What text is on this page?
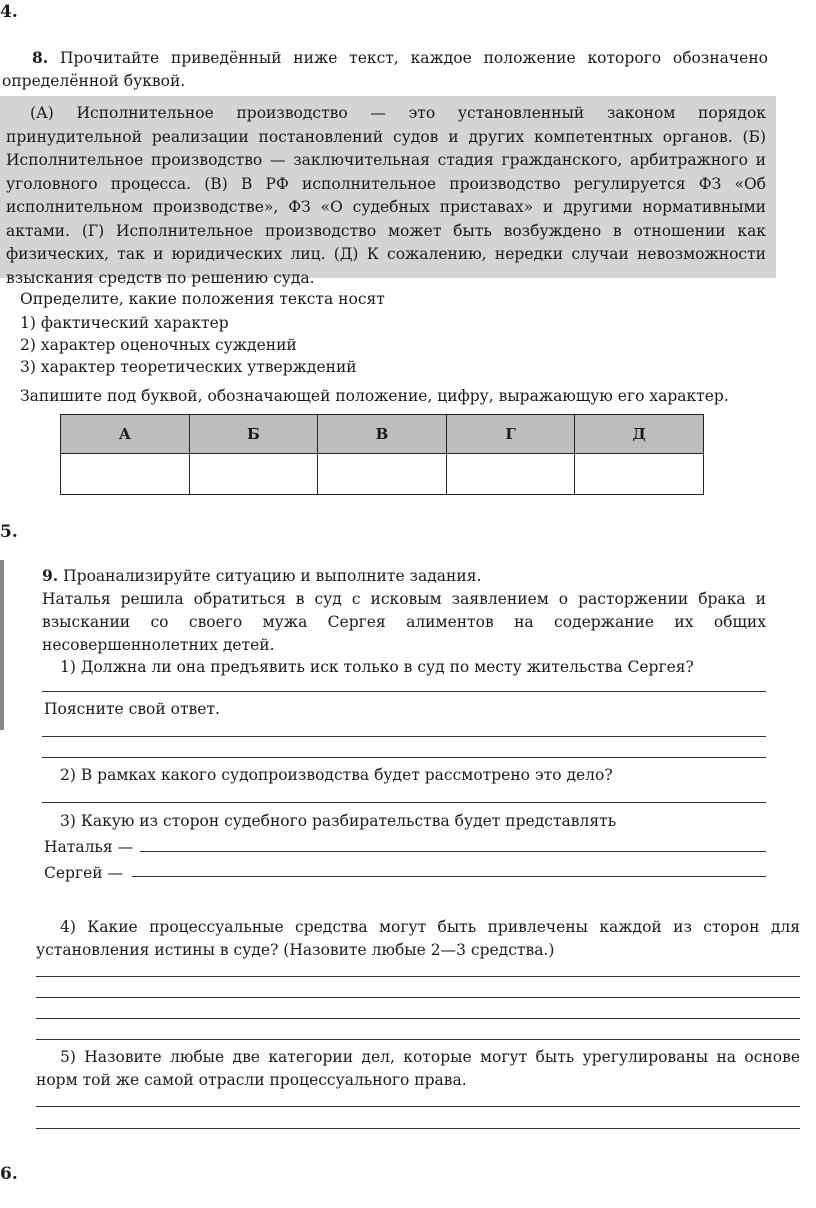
4.
8. Прочитайте приведённый ниже текст, каждое положение которого обозначено определённой буквой.
(А) Исполнительное производство — это установленный законом порядок принудительной реализации постановлений судов и других компетентных органов. (Б) Исполнительное производство — заключительная стадия гражданского, арбитражного и уголовного процесса. (В) В РФ исполнительное производство регулируется ФЗ «Об исполнительном производстве», ФЗ «О судебных приставах» и другими нормативными актами. (Г) Исполнительное производство может быть возбуждено в отношении как физических, так и юридических лиц. (Д) К сожалению, нередки случаи невозможности взыскания средств по решению суда.
Определите, какие положения текста носят
1) фактический характер
2) характер оценочных суждений
3) характер теоретических утверждений
Запишите под буквой, обозначающей положение, цифру, выражающую его характер.
А	Б	В	Г	Д

5.
9. Проанализируйте ситуацию и выполните задания.
Наталья решила обратиться в суд с исковым заявлением о расторжении брака и взыскании со своего мужа Сергея алиментов на содержание их общих несовершеннолетних детей.
1) Должна ли она предъявить иск только в суд по месту жительства Сергея?
Поясните свой ответ.
2) В рамках какого судопроизводства будет рассмотрено это дело?
3) Какую из сторон судебного разбирательства будет представлять
Наталья —
Сергей —
4) Какие процессуальные средства могут быть привлечены каждой из сторон для установления истины в суде? (Назовите любые 2—3 средства.)
5) Назовите любые две категории дел, которые могут быть урегулированы на основе норм той же самой отрасли процессуального права.
6.
